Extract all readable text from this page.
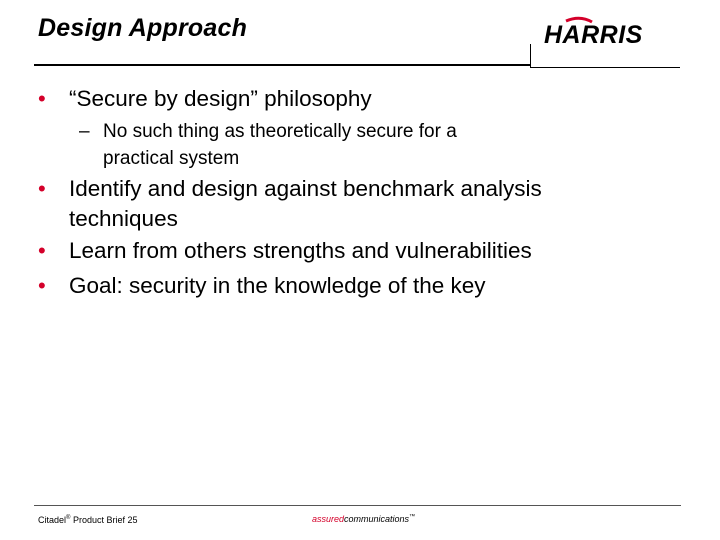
Design Approach	HARRIS
• “Secure by design” philosophy

– No such thing as theoretically secure for a

practical system

• Identify and design against benchmark analysis

techniques

• Learn from others strengths and vulnerabilities

• Goal: security in the knowledge of the key

Citadel® Product Brief 25	assuredcommunications™
